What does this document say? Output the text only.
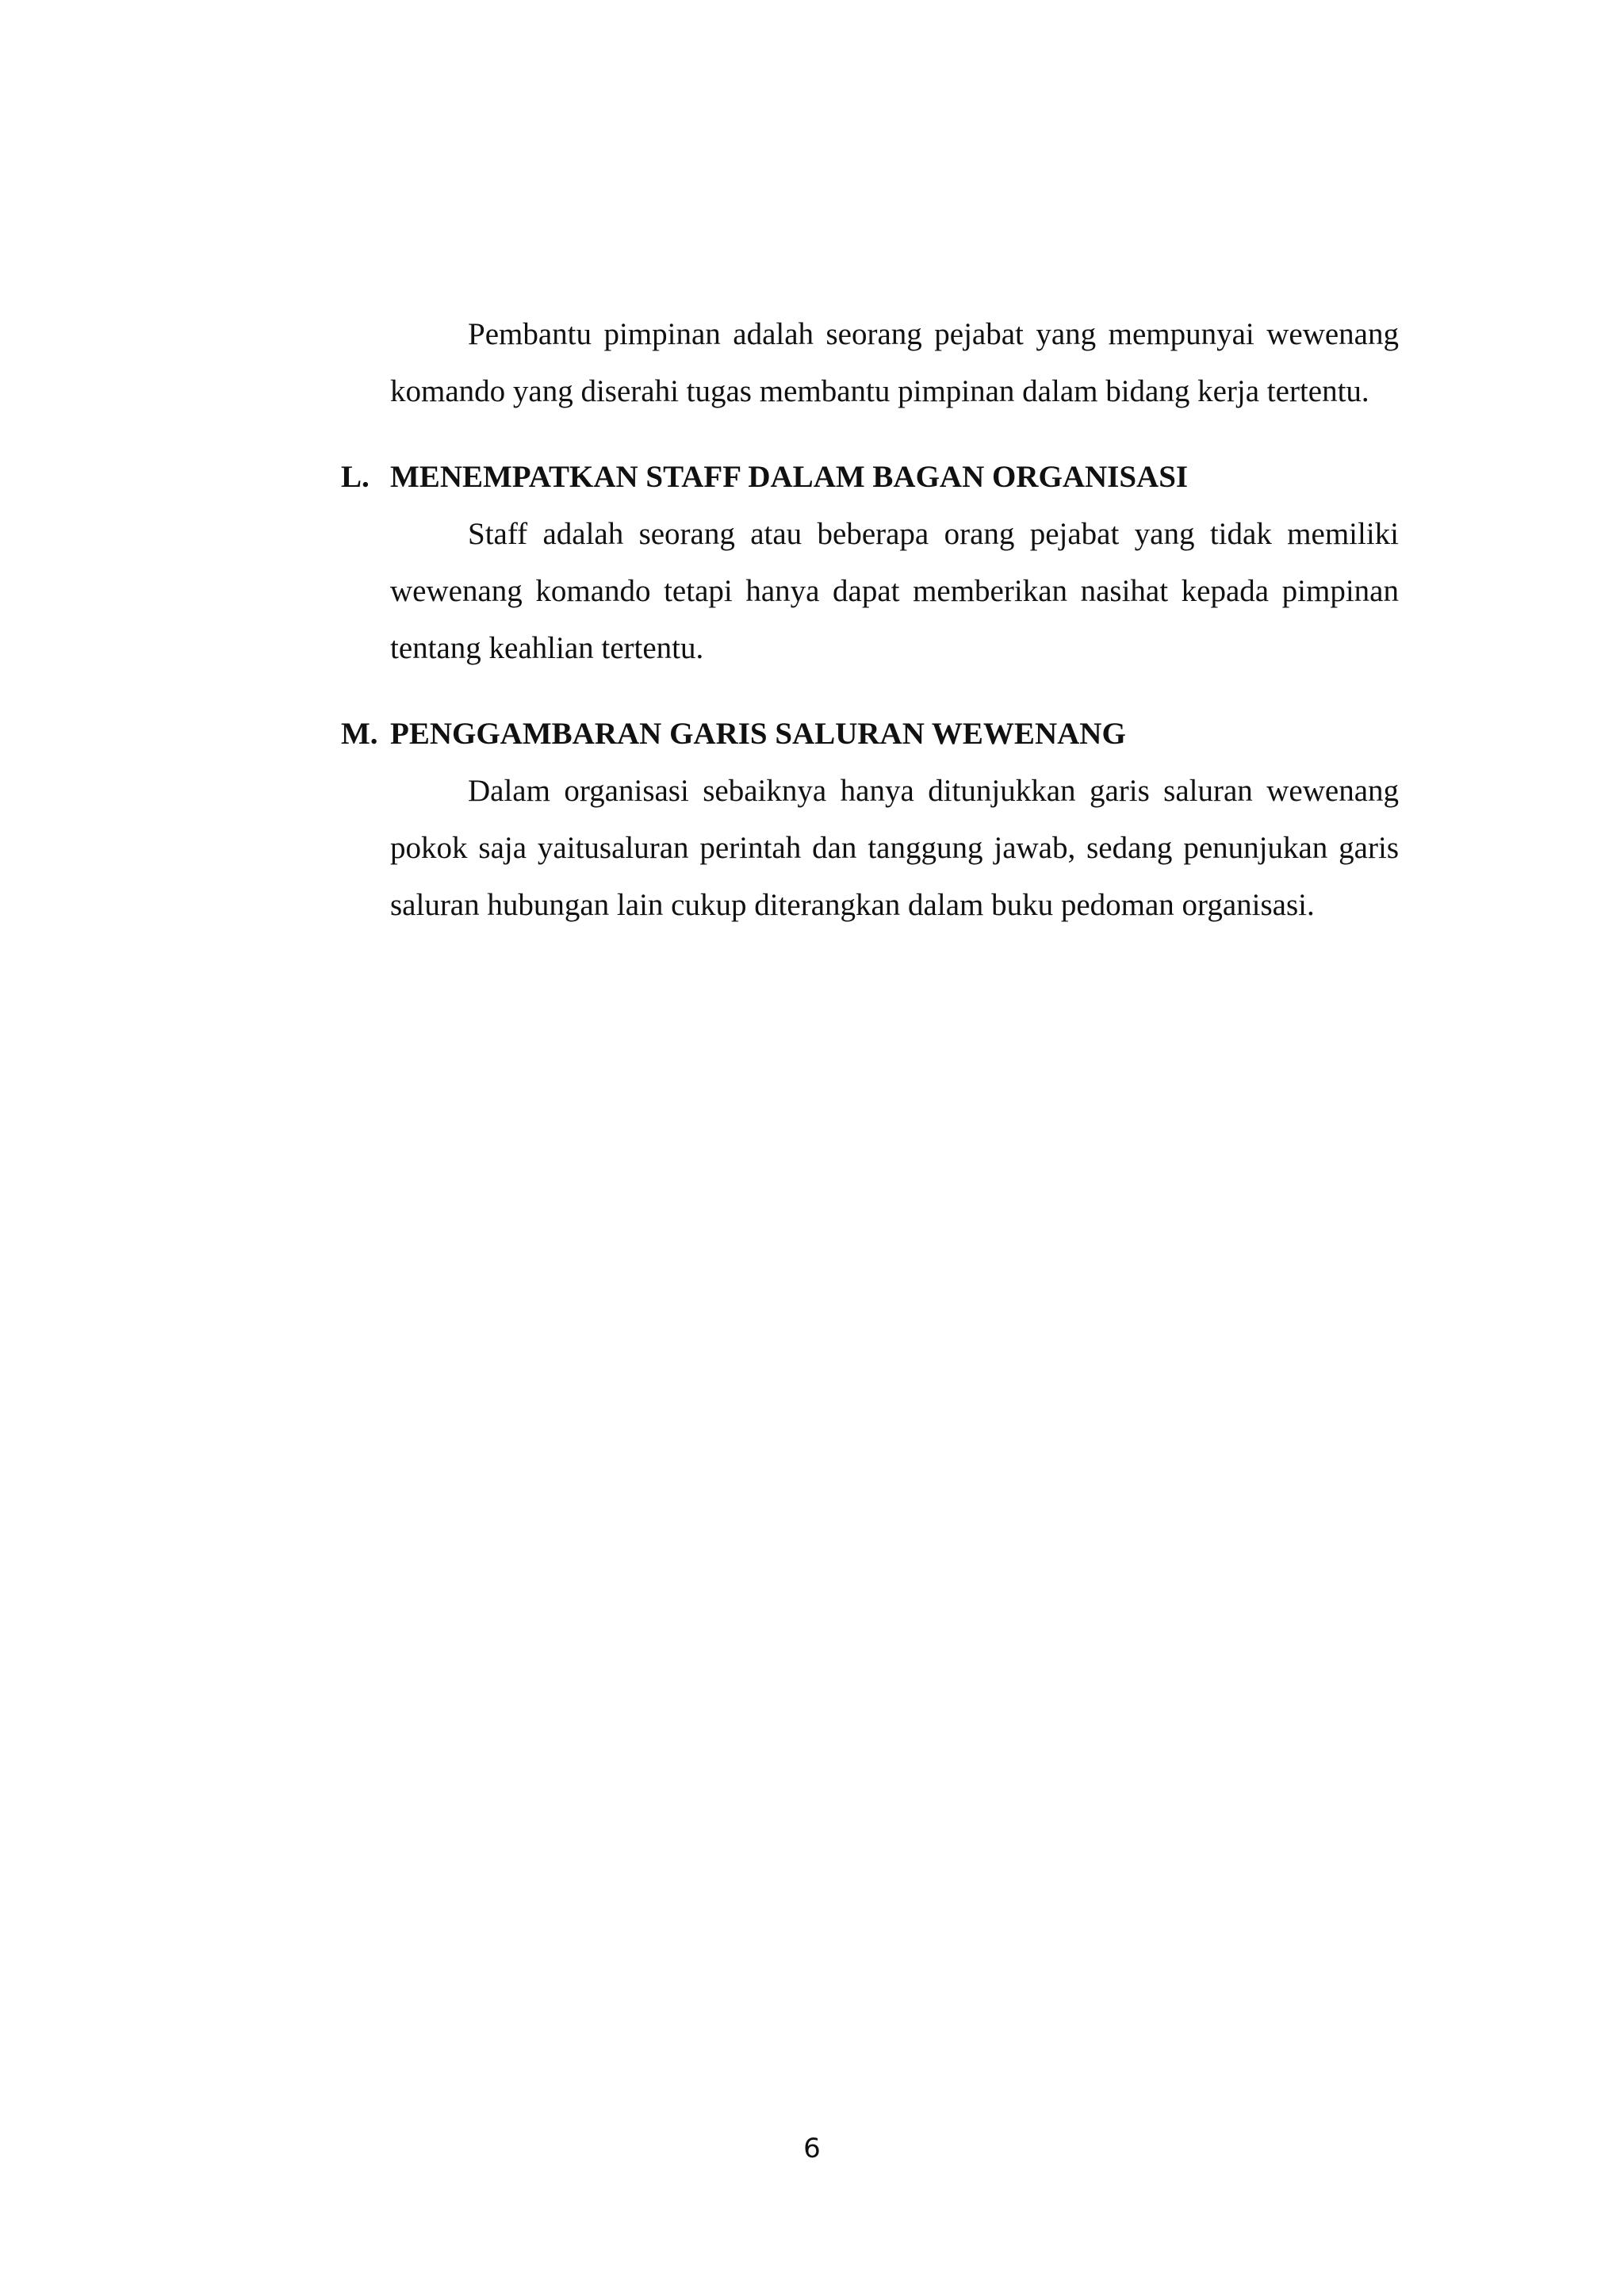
Pembantu pimpinan adalah seorang pejabat yang mempunyai wewenang komando yang diserahi tugas membantu pimpinan dalam bidang kerja tertentu.

L. MENEMPATKAN STAFF DALAM BAGAN ORGANISASI

Staff adalah seorang atau beberapa orang pejabat yang tidak memiliki wewenang komando tetapi hanya dapat memberikan nasihat kepada pimpinan tentang keahlian tertentu.

M. PENGGAMBARAN GARIS SALURAN WEWENANG

Dalam organisasi sebaiknya hanya ditunjukkan garis saluran wewenang pokok saja yaitusaluran perintah dan tanggung jawab, sedang penunjukan garis saluran hubungan lain cukup diterangkan dalam buku pedoman organisasi.

6
